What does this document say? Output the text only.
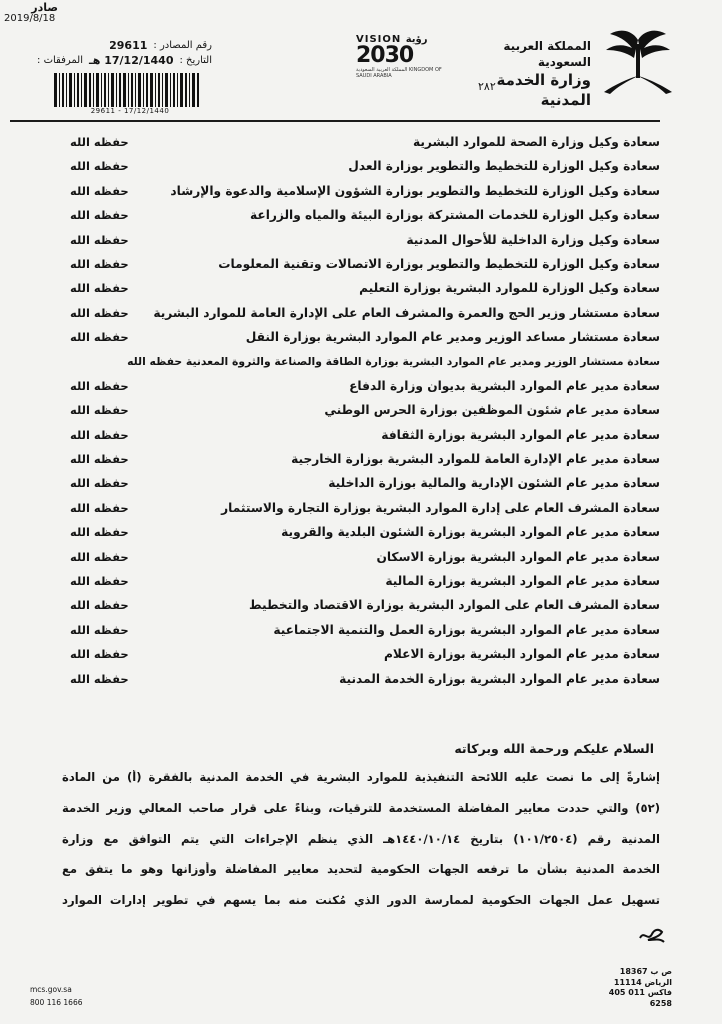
صادر
2019/8/18
رقم المصادر :
29611
التاريخ :
17/12/1440 هـ
المرفقات :
29611 - 17/12/1440
VISION رؤية
2030
المملكة العربية السعودية KINGDOM OF SAUDI ARABIA
المملكة العربية السعودية
وزارة الخدمة المدنية
٢٨٢
سعادة وكيل وزارة الصحة للموارد البشرية
حفظه الله
سعادة وكيل الوزارة للتخطيط والتطوير بوزارة العدل
حفظه الله
سعادة وكيل الوزارة للتخطيط والتطوير بوزارة الشؤون الإسلامية والدعوة والإرشاد
حفظه الله
سعادة وكيل الوزارة للخدمات المشتركة بوزارة البيئة والمياه والزراعة
حفظه الله
سعادة وكيل وزارة الداخلية للأحوال المدنية
حفظه الله
سعادة وكيل الوزارة للتخطيط والتطوير بوزارة الاتصالات وتقنية المعلومات
حفظه الله
سعادة وكيل الوزارة للموارد البشرية بوزارة التعليم
حفظه الله
سعادة مستشار وزير الحج والعمرة والمشرف العام على الإدارة العامة للموارد البشرية
حفظه الله
سعادة مستشار مساعد الوزير ومدير عام الموارد البشرية بوزارة النقل
حفظه الله
سعادة مستشار الوزير ومدير عام الموارد البشرية بوزارة الطاقة والصناعة والثروة المعدنية حفظه الله
سعادة مدير عام الموارد البشرية بديوان وزارة الدفاع
حفظه الله
سعادة مدير عام شئون الموظفين بوزارة الحرس الوطني
حفظه الله
سعادة مدير عام الموارد البشرية بوزارة الثقافة
حفظه الله
سعادة مدير عام الإدارة العامة للموارد البشرية بوزارة الخارجية
حفظه الله
سعادة مدير عام الشئون الإدارية والمالية بوزارة الداخلية
حفظه الله
سعادة المشرف العام على إدارة الموارد البشرية بوزارة التجارة والاستثمار
حفظه الله
سعادة مدير عام الموارد البشرية بوزارة الشئون البلدية والقروية
حفظه الله
سعادة مدير عام الموارد البشرية بوزارة الاسكان
حفظه الله
سعادة مدير عام الموارد البشرية بوزارة المالية
حفظه الله
سعادة المشرف العام على الموارد البشرية بوزارة الاقتصاد والتخطيط
حفظه الله
سعادة مدير عام الموارد البشرية بوزارة العمل والتنمية الاجتماعية
حفظه الله
سعادة مدير عام الموارد البشرية بوزارة الاعلام
حفظه الله
سعادة مدير عام الموارد البشرية بوزارة الخدمة المدنية
حفظه الله
السلام عليكم ورحمة الله وبركاته
إشارةً إلى ما نصت عليه اللائحة التنفيذية للموارد البشرية في الخدمة المدنية بالفقرة (أ) من المادة
(٥٢) والتي حددت معايير المفاضلة المستخدمة للترقيات، وبناءً على قرار صاحب المعالي وزير الخدمة
المدنية رقم (١٠١/٢٥٠٤) بتاريخ ١٤٤٠/١٠/١٤هـ الذي ينظم الإجراءات التي يتم التوافق مع وزارة
الخدمة المدنية بشأن ما ترفعه الجهات الحكومية لتحديد معايير المفاضلة وأوزانها وهو ما يتفق مع
تسهيل عمل الجهات الحكومية لممارسة الدور الذي مُكنت منه بما يسهم في تطوير إدارات الموارد
mcs.gov.sa
800 116 1666
ص ب 18367
الرياض 11114
فاكس 011 405 6258
